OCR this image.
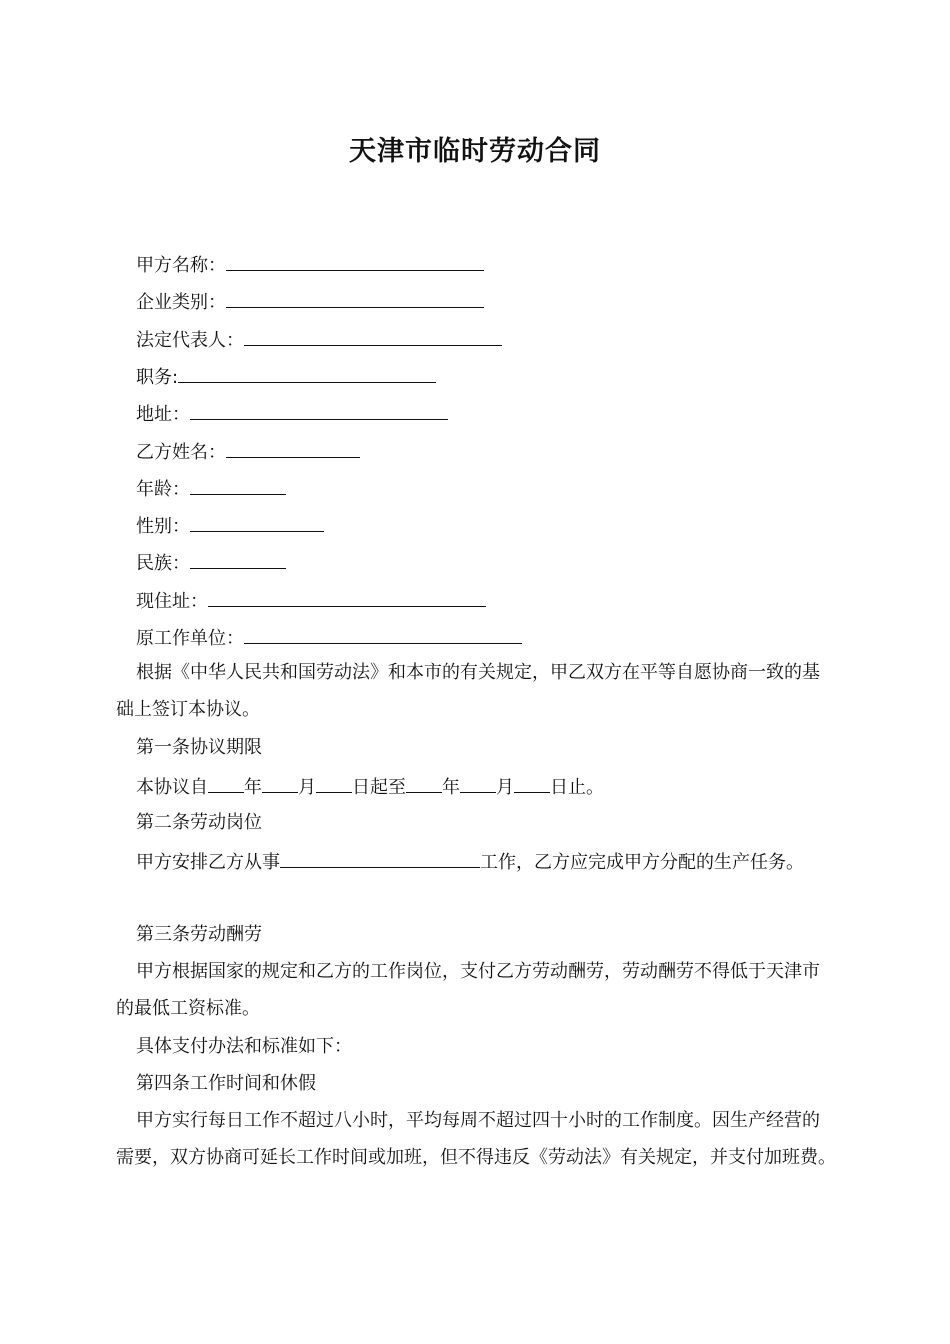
天津市临时劳动合同
甲方名称：
企业类别：
法定代表人：
职务:
地址：
乙方姓名：
年龄：
性别：
民族：
现住址：
原工作单位：
根据《中华人民共和国劳动法》和本市的有关规定，甲乙双方在平等自愿协商一致的基础上签订本协议。
第一条协议期限
本协议自 年 月 日起至 年 月 日止。
第二条劳动岗位
甲方安排乙方从事	工作，乙方应完成甲方分配的生产任务。
第三条劳动酬劳
甲方根据国家的规定和乙方的工作岗位，支付乙方劳动酬劳，劳动酬劳不得低于天津市的最低工资标准。
具体支付办法和标准如下：
第四条工作时间和休假
甲方实行每日工作不超过八小时，平均每周不超过四十小时的工作制度。因生产经营的需要，双方协商可延长工作时间或加班，但不得违反《劳动法》有关规定，并支付加班费。
